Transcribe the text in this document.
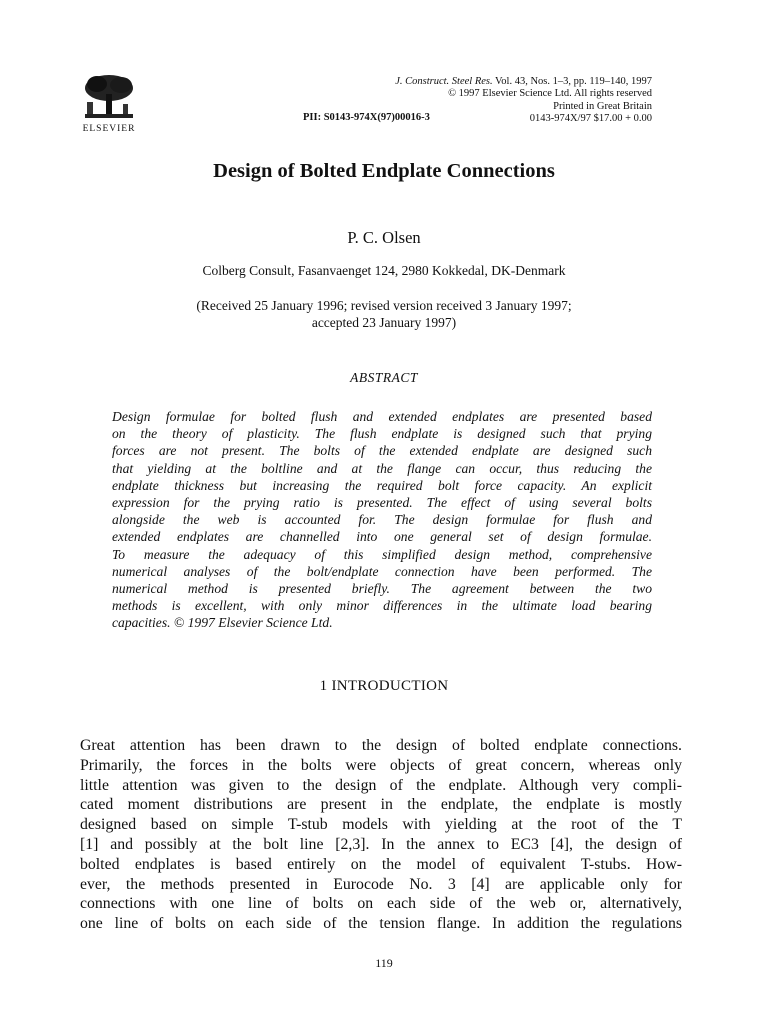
ELSEVIER
PII: S0143-974X(97)00016-3
J. Construct. Steel Res. Vol. 43, Nos. 1–3, pp. 119–140, 1997
© 1997 Elsevier Science Ltd. All rights reserved
Printed in Great Britain
0143-974X/97 $17.00 + 0.00
Design of Bolted Endplate Connections
P. C. Olsen
Colberg Consult, Fasanvaenget 124, 2980 Kokkedal, DK-Denmark
(Received 25 January 1996; revised version received 3 January 1997;
accepted 23 January 1997)
ABSTRACT
Design formulae for bolted flush and extended endplates are presented based
on the theory of plasticity. The flush endplate is designed such that prying
forces are not present. The bolts of the extended endplate are designed such
that yielding at the boltline and at the flange can occur, thus reducing the
endplate thickness but increasing the required bolt force capacity. An explicit
expression for the prying ratio is presented. The effect of using several bolts
alongside the web is accounted for. The design formulae for flush and
extended endplates are channelled into one general set of design formulae.
To measure the adequacy of this simplified design method, comprehensive
numerical analyses of the bolt/endplate connection have been performed. The
numerical method is presented briefly. The agreement between the two
methods is excellent, with only minor differences in the ultimate load bearing
capacities. © 1997 Elsevier Science Ltd.
1 INTRODUCTION
Great attention has been drawn to the design of bolted endplate connections.
Primarily, the forces in the bolts were objects of great concern, whereas only
little attention was given to the design of the endplate. Although very compli-
cated moment distributions are present in the endplate, the endplate is mostly
designed based on simple T-stub models with yielding at the root of the T
[1] and possibly at the bolt line [2,3]. In the annex to EC3 [4], the design of
bolted endplates is based entirely on the model of equivalent T-stubs. How-
ever, the methods presented in Eurocode No. 3 [4] are applicable only for
connections with one line of bolts on each side of the web or, alternatively,
one line of bolts on each side of the tension flange. In addition the regulations
119
